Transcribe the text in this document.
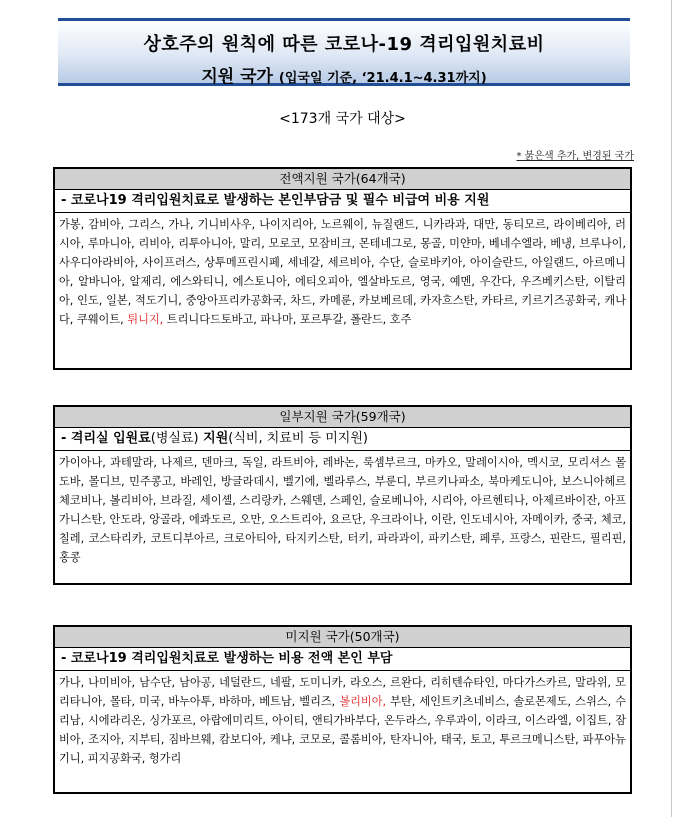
상호주의 원칙에 따른 코로나-19 격리입원치료비
지원 국가 (입국일 기준, ‘21.4.1~4.31까지)
<173개 국가 대상>
* 붉은색 추가, 변경된 국가
전액지원 국가(64개국)
- 코로나19 격리입원치료로 발생하는 본인부담금 및 필수 비급여 비용 지원
가봉, 감비아, 그리스, 가나, 기니비사우, 나이지리아, 노르웨이, 뉴질랜드, 니카라과, 대만, 동티모르, 라이베리아, 러시아, 루마니아, 리비아, 리투아니아, 말리, 모로코, 모잠비크, 몬테네그로, 몽골, 미얀마, 베네수엘라, 베냉, 브루나이, 사우디아라비아, 사이프러스, 상투메프린시페, 세네갈, 세르비아, 수단, 슬로바키아, 아이슬란드, 아일랜드, 아르메니아, 알바니아, 알제리, 에스와티니, 에스토니아, 에티오피아, 엘살바도르, 영국, 예멘, 우간다, 우즈베키스탄, 이탈리아, 인도, 일본, 적도기니, 중앙아프리카공화국, 차드, 카메룬, 카보베르데, 카자흐스탄, 카타르, 키르기즈공화국, 캐나다, 쿠웨이트, 튀니지, 트리니다드토바고, 파나마, 포르투갈, 폴란드, 호주
일부지원 국가(59개국)
- 격리실 입원료(병실료) 지원(식비, 치료비 등 미지원)
가이아나, 과테말라, 나제르, 덴마크, 독일, 라트비아, 레바논, 룩셈부르크, 마카오, 말레이시아, 멕시코, 모리셔스 몰도바, 몰디브, 민주콩고, 바레인, 방글라데시, 벨기에, 벨라루스, 부룬디, 부르키나파소, 북마케도니아, 보스니아헤르체코비나, 볼리비아, 브라질, 세이셸, 스리랑카, 스웨덴, 스페인, 슬로베니아, 시리아, 아르헨티나, 아제르바이잔, 아프가니스탄, 안도라, 앙골라, 에콰도르, 오만, 오스트리아, 요르단, 우크라이나, 이란, 인도네시아, 자메이카, 중국, 체코, 칠레, 코스타리카, 코트디부아르, 크로아티아, 타지키스탄, 터키, 파라과이, 파키스탄, 페루, 프랑스, 핀란드, 필리핀, 홍콩
미지원 국가(50개국)
- 코로나19 격리입원치료로 발생하는 비용 전액 본인 부담
가나, 나미비아, 남수단, 남아공, 네덜란드, 네팔, 도미니카, 라오스, 르완다, 리히텐슈타인, 마다가스카르, 말라위, 모리타니아, 몰타, 미국, 바누아투, 바하마, 베트남, 벨리즈, 볼리비아, 부탄, 세인트키츠네비스, 솔로몬제도, 스위스, 수리남, 시에라리온, 싱가포르, 아랍에미리트, 아이티, 앤티가바부다, 온두라스, 우루과이, 이라크, 이스라엘, 이집트, 잠비아, 조지아, 지부티, 짐바브웨, 캄보디아, 케냐, 코모로, 콜롬비아, 탄자니아, 태국, 토고, 투르크메니스탄, 파푸아뉴기니, 피지공화국, 헝가리
